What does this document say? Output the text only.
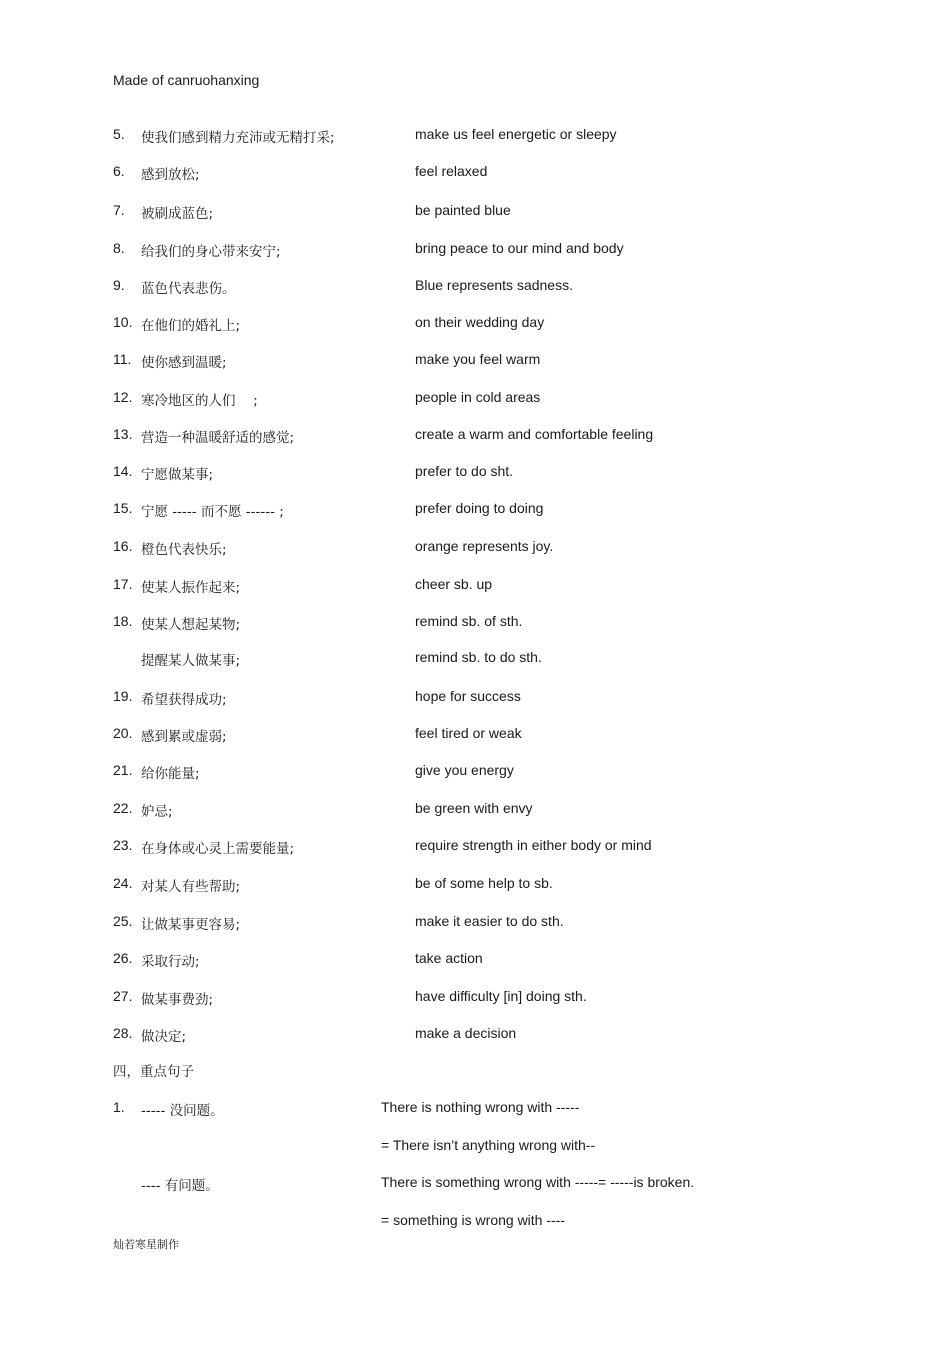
Made of canruohanxing
5. 使我们感到精力充沛或无精打采;	make us feel energetic or sleepy
6. 感到放松;	feel relaxed
7. 被刷成蓝色;	be painted blue
8. 给我们的身心带来安宁;	bring peace to our mind and body
9. 蓝色代表悲伤。	Blue represents sadness.
10. 在他们的婚礼上;	on their wedding day
11. 使你感到温暖;	make you feel warm
12. 寒冷地区的人们　 ;	people in cold areas
13. 营造一种温暖舒适的感觉;	create a warm and comfortable feeling
14. 宁愿做某事;	prefer to do sht.
15. 宁愿 ----- 而不愿 ------ ;	prefer doing to doing
16. 橙色代表快乐;	orange represents joy.
17. 使某人振作起来;	cheer sb. up
18. 使某人想起某物;	remind sb. of sth.
提醒某人做某事;	remind sb. to do sth.
19. 希望获得成功;	hope for success
20. 感到累或虚弱;	feel tired or weak
21. 给你能量;	give you energy
22. 妒忌;	be green with envy
23. 在身体或心灵上需要能量;	require strength in either body or mind
24. 对某人有些帮助;	be of some help to sb.
25. 让做某事更容易;	make it easier to do sth.
26. 采取行动;	take action
27. 做某事费劲;	have difficulty [in] doing sth.
28. 做决定;	make a decision
四，重点句子
1. ----- 没问题。	There is nothing wrong with -----
= There isn’t anything wrong with--
---- 有问题。	There is something wrong with -----= -----is broken.
= something is wrong with ----
灿若寒星制作
